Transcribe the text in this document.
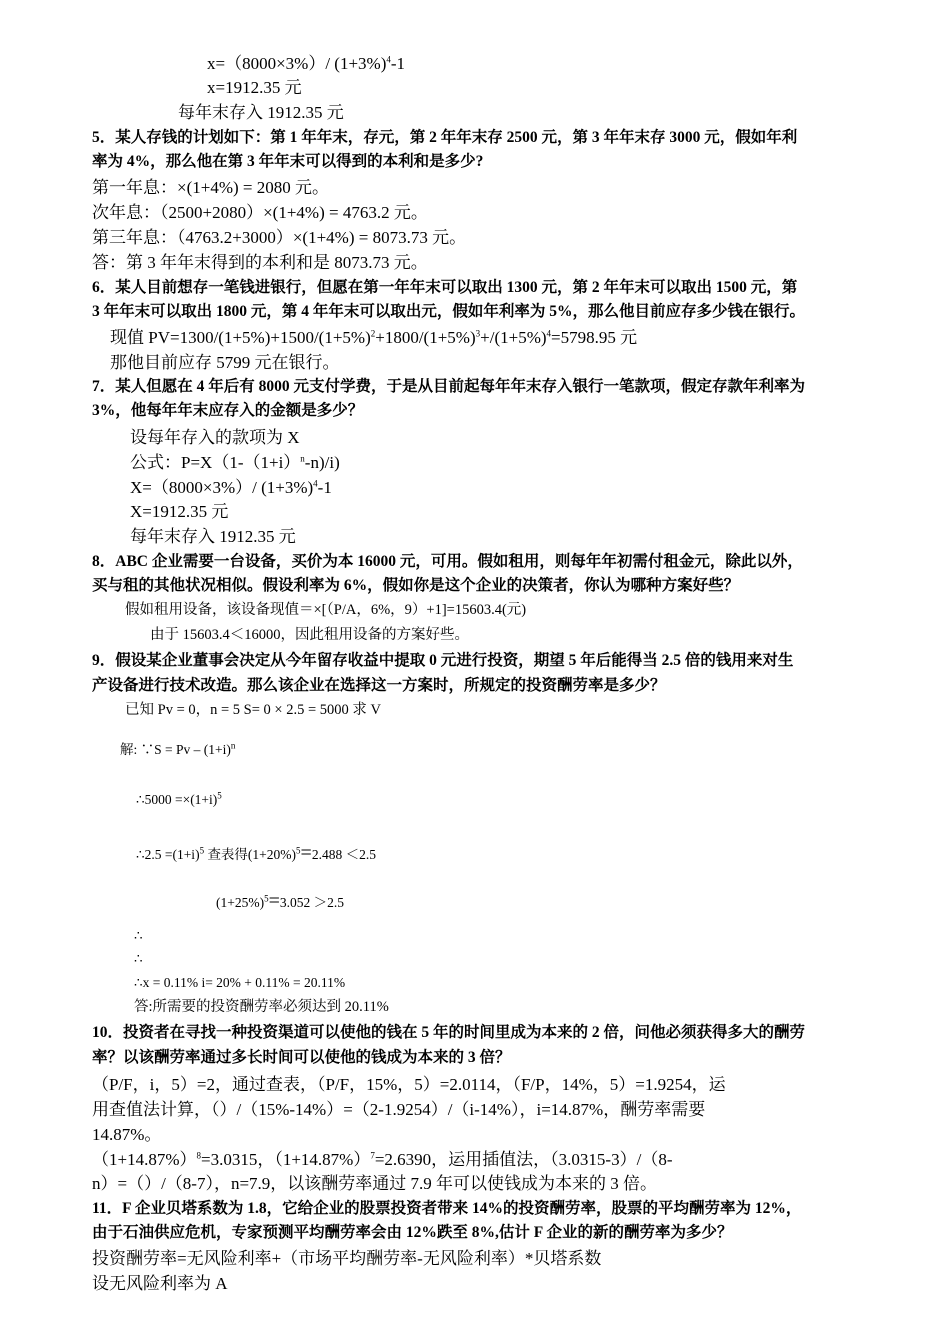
x=（8000×3%）/ $(1+3\%)^4-1$
x=1912.35 元
每年末存入 1912.35 元
5．某人存钱的计划如下：第 1 年年末，存元，第 2 年年末存 2500 元，第 3 年年末存 3000 元，假如年利
率为 4%，那么他在第 3 年年末可以得到的本利和是多少?
第一年息：×(1+4%) = 2080 元。
次年息：（2500+2080）×(1+4%) = 4763.2 元。
第三年息：（4763.2+3000）×(1+4%) = 8073.73 元。
答：第 3 年年末得到的本利和是 8073.73 元。
6．某人目前想存一笔钱进银行，但愿在第一年年末可以取出 1300 元，第 2 年年末可以取出 1500 元，第
3 年年末可以取出 1800 元，第 4 年年末可以取出元，假如年利率为 5%，那么他目前应存多少钱在银行。
现值 $PV=1300/(1+5\%)+1500/(1+5\%)^2+1800/(1+5\%)^3+/(1+5\%)^4=5798.95$ 元
那他目前应存 5799 元在银行。
7．某人但愿在 4 年后有 8000 元支付学费，于是从目前起每年年末存入银行一笔款项，假定存款年利率为
3%，他每年年末应存入的金额是多少？
设每年存入的款项为 X
公式：$P=X(1-(1+i)^n-n)/i$)
X=（8000×3%）/ $(1+3\%)^4-1$
X=1912.35 元
每年末存入 1912.35 元
8．ABC 企业需要一台设备，买价为本 16000 元，可用。假如租用，则每年年初需付租金元，除此以外，
买与租的其他状况相似。假设利率为 6%，假如你是这个企业的决策者，你认为哪种方案好些？
假如租用设备，该设备现值＝×[（P/A，6%，9）+1]=15603.4(元)
由于 15603.4＜16000，因此租用设备的方案好些。
9．假设某企业董事会决定从今年留存收益中提取 0 元进行投资，期望 5 年后能得当 2.5 倍的钱用来对生
产设备进行技术改造。那么该企业在选择这一方案时，所规定的投资酬劳率是多少？
已知 Pv = 0，n = 5 S= 0 × 2.5 = 5000 求 V
解: ∵S = $Pv - (1+i)^n$
∴5000 $=\times(1+i)^5$
∴2.5 $=(1+i)^5$ 查表得$(1+20\%)^5=2.488 <2.5$
$(1+25\%)^5=3.052 >2.5$
∴
∴
∴x = 0.11% i= 20% + 0.11% = 20.11%
答:所需要的投资酬劳率必须达到 20.11%
10．投资者在寻找一种投资渠道可以使他的钱在 5 年的时间里成为本来的 2 倍，问他必须获得多大的酬劳
率？以该酬劳率通过多长时间可以使他的钱成为本来的 3 倍？
（P/F，i，5）=2，通过查表，（P/F，15%，5）=2.0114，（F/P，14%，5）=1.9254，运
用查值法计算，（）/（15%-14%）=（2-1.9254）/（i-14%），i=14.87%，酬劳率需要
14.87%。
$(1+14.87\%)^8=3.0315$，$(1+14.87\%)^7=2.6390$，运用插值法，（3.0315-3）/（8-
n）=（）/（8-7），n=7.9，以该酬劳率通过 7.9 年可以使钱成为本来的 3 倍。
11．F 企业贝塔系数为 1.8，它给企业的股票投资者带来 14%的投资酬劳率，股票的平均酬劳率为 12%，
由于石油供应危机，专家预测平均酬劳率会由 12%跌至 8%,估计 F 企业的新的酬劳率为多少？
投资酬劳率=无风险利率+（市场平均酬劳率-无风险利率）*贝塔系数
设无风险利率为 A
